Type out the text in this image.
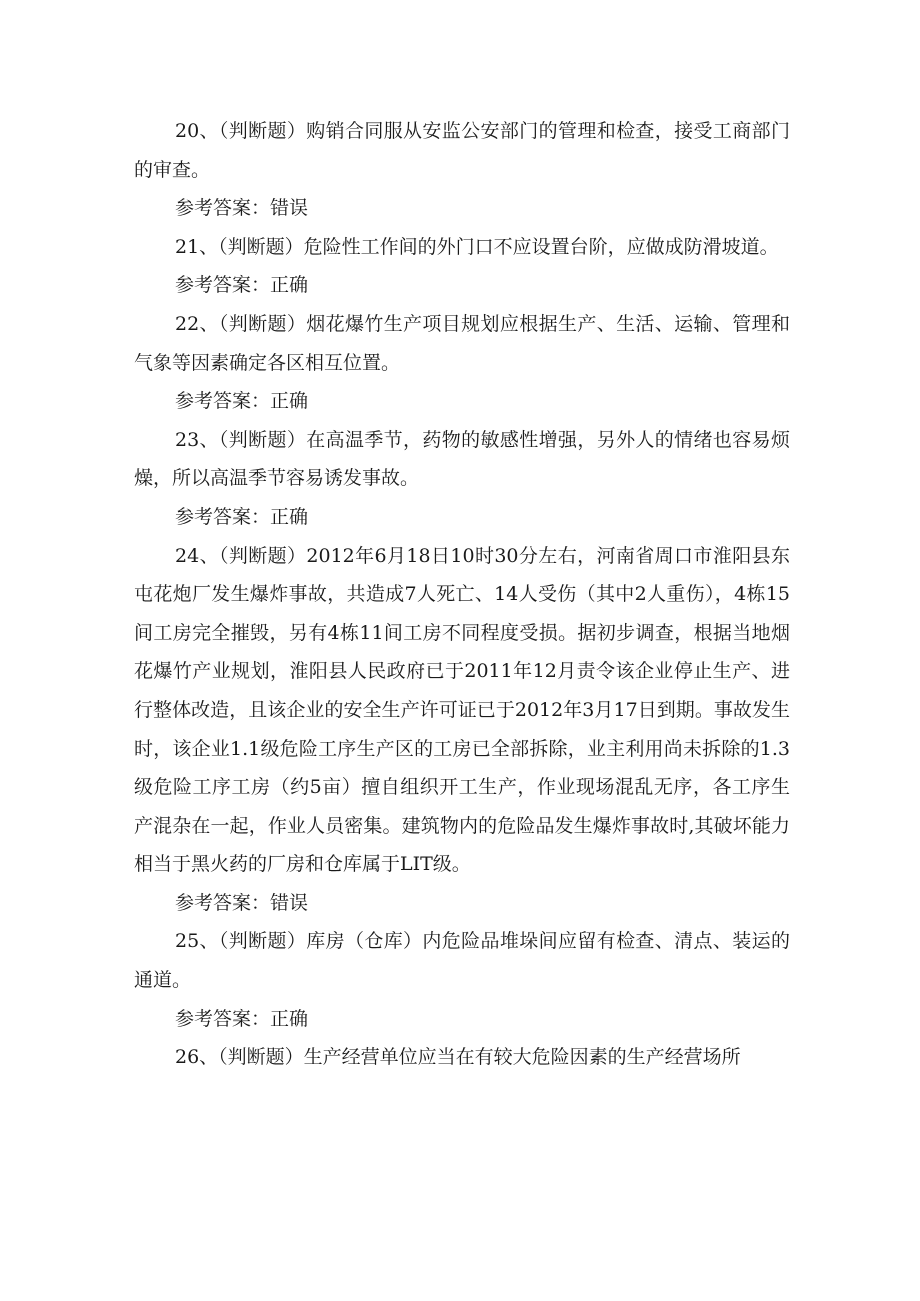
20、（判断题）购销合同服从安监公安部门的管理和检查，接受工商部门的审查。

参考答案：错误

21、（判断题）危险性工作间的外门口不应设置台阶，应做成防滑坡道。

参考答案：正确

22、（判断题）烟花爆竹生产项目规划应根据生产、生活、运输、管理和气象等因素确定各区相互位置。

参考答案：正确

23、（判断题）在高温季节，药物的敏感性增强，另外人的情绪也容易烦燥，所以高温季节容易诱发事故。

参考答案：正确

24、（判断题）2012年6月18日10时30分左右，河南省周口市淮阳县东屯花炮厂发生爆炸事故，共造成7人死亡、14人受伤（其中2人重伤），4栋15间工房完全摧毁，另有4栋11间工房不同程度受损。据初步调查，根据当地烟花爆竹产业规划，淮阳县人民政府已于2011年12月责令该企业停止生产、进行整体改造，且该企业的安全生产许可证已于2012年3月17日到期。事故发生时，该企业1.1级危险工序生产区的工房已全部拆除，业主利用尚未拆除的1.3级危险工序工房（约5亩）擅自组织开工生产，作业现场混乱无序，各工序生产混杂在一起，作业人员密集。建筑物内的危险品发生爆炸事故时,其破坏能力相当于黑火药的厂房和仓库属于LIT级。

参考答案：错误

25、（判断题）库房（仓库）内危险品堆垛间应留有检查、清点、装运的通道。

参考答案：正确

26、（判断题）生产经营单位应当在有较大危险因素的生产经营场所
